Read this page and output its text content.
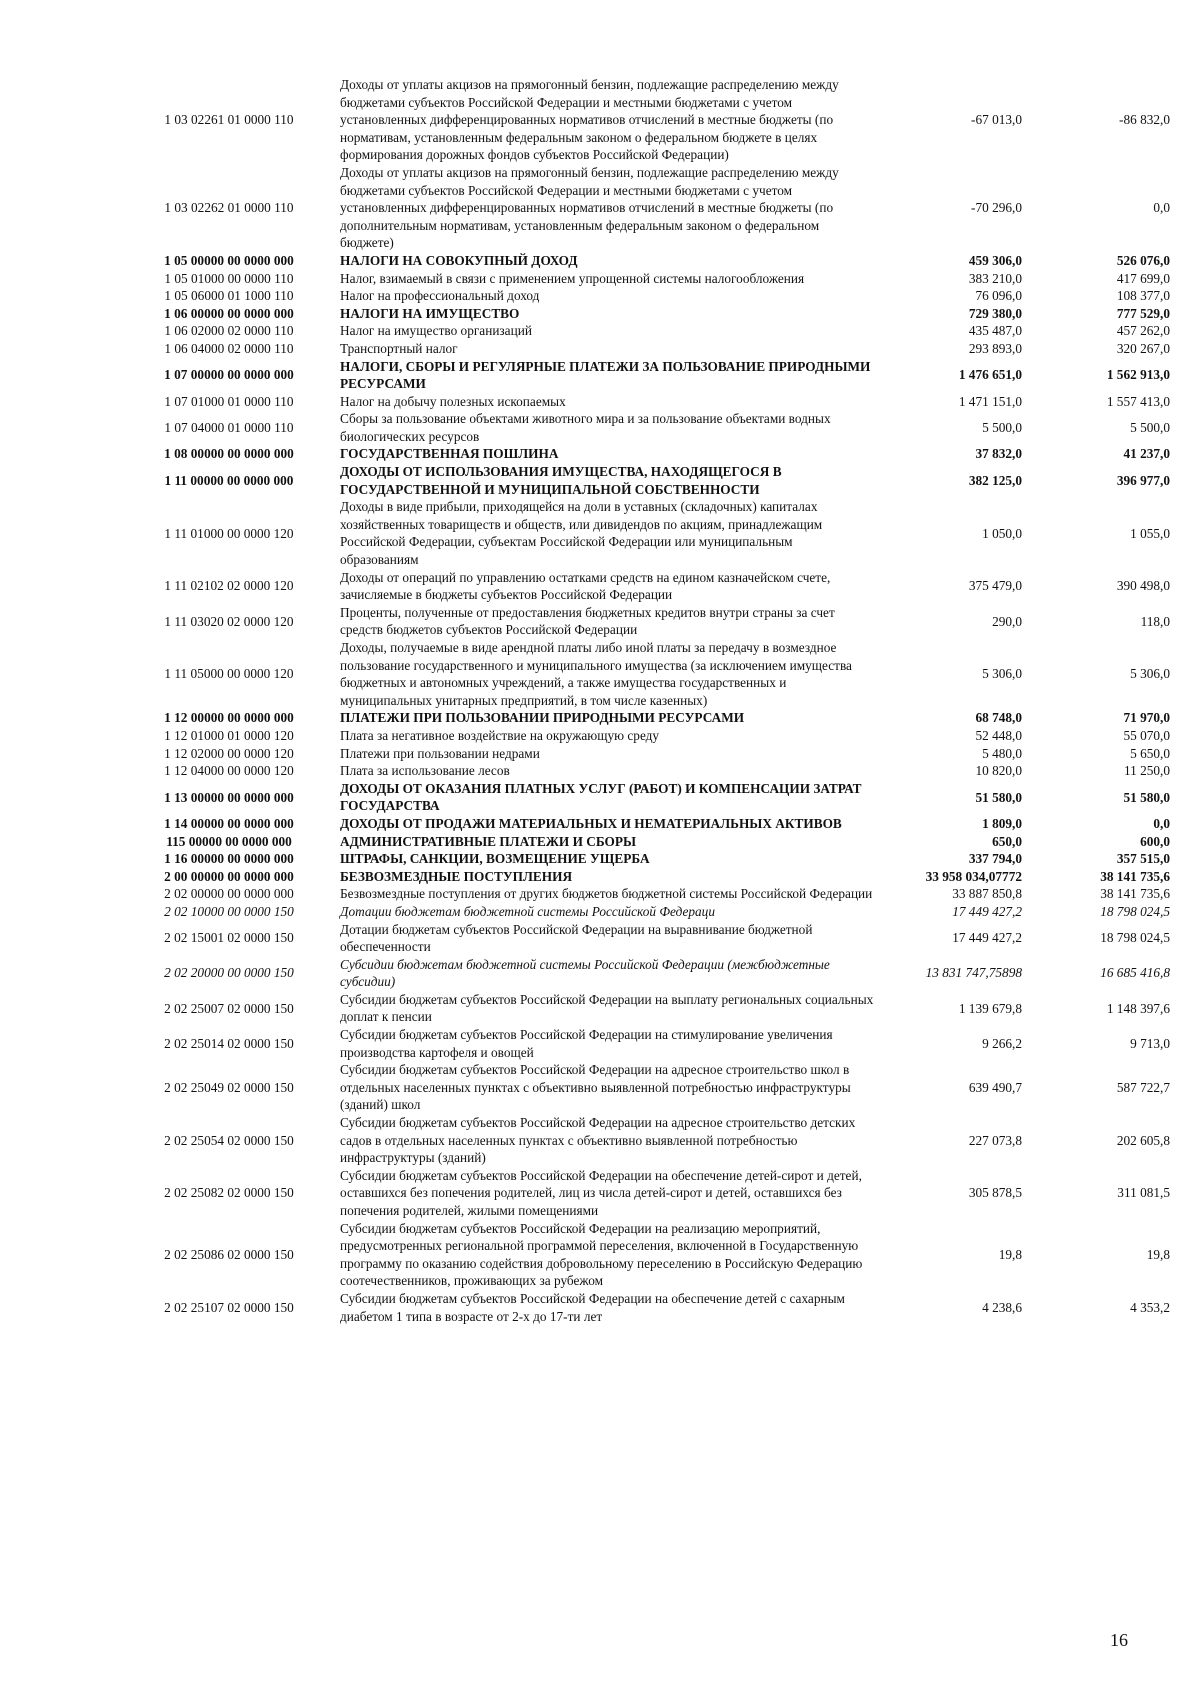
1 03 02261 01 0000 110	Доходы от уплаты акцизов на прямогонный бензин, подлежащие распределению между бюджетами субъектов Российской Федерации и местными бюджетами с учетом установленных дифференцированных нормативов отчислений в местные бюджеты (по нормативам, установленным федеральным законом о федеральном бюджете в целях формирования дорожных фондов субъектов Российской Федерации)	-67 013,0	-86 832,0
1 03 02262 01 0000 110	Доходы от уплаты акцизов на прямогонный бензин, подлежащие распределению между бюджетами субъектов Российской Федерации и местными бюджетами с учетом установленных дифференцированных нормативов отчислений в местные бюджеты (по дополнительным нормативам, установленным федеральным законом о федеральном бюджете)	-70 296,0	0,0
1 05 00000 00 0000 000	НАЛОГИ НА СОВОКУПНЫЙ ДОХОД	459 306,0	526 076,0
1 05 01000 00 0000 110	Налог, взимаемый в связи с применением упрощенной системы налогообложения	383 210,0	417 699,0
1 05 06000 01 1000 110	Налог на профессиональный доход	76 096,0	108 377,0
1 06 00000 00 0000 000	НАЛОГИ НА ИМУЩЕСТВО	729 380,0	777 529,0
1 06 02000 02 0000 110	Налог на имущество организаций	435 487,0	457 262,0
1 06 04000 02 0000 110	Транспортный налог	293 893,0	320 267,0
1 07 00000 00 0000 000	НАЛОГИ, СБОРЫ И РЕГУЛЯРНЫЕ ПЛАТЕЖИ ЗА ПОЛЬЗОВАНИЕ ПРИРОДНЫМИ РЕСУРСАМИ	1 476 651,0	1 562 913,0
1 07 01000 01 0000 110	Налог на добычу полезных ископаемых	1 471 151,0	1 557 413,0
1 07 04000 01 0000 110	Сборы за пользование объектами животного мира и за пользование объектами водных биологических ресурсов	5 500,0	5 500,0
1 08 00000 00 0000 000	ГОСУДАРСТВЕННАЯ ПОШЛИНА	37 832,0	41 237,0
1 11 00000 00 0000 000	ДОХОДЫ ОТ ИСПОЛЬЗОВАНИЯ ИМУЩЕСТВА, НАХОДЯЩЕГОСЯ В ГОСУДАРСТВЕННОЙ И МУНИЦИПАЛЬНОЙ СОБСТВЕННОСТИ	382 125,0	396 977,0
1 11 01000 00 0000 120	Доходы в виде прибыли, приходящейся на доли в уставных (складочных) капиталах хозяйственных товариществ и обществ, или дивидендов по акциям, принадлежащим Российской Федерации, субъектам Российской Федерации или муниципальным образованиям	1 050,0	1 055,0
1 11 02102 02 0000 120	Доходы от операций по управлению остатками средств на едином казначейском счете, зачисляемые в бюджеты субъектов Российской Федерации	375 479,0	390 498,0
1 11 03020 02 0000 120	Проценты, полученные от предоставления бюджетных кредитов внутри страны за счет средств бюджетов субъектов Российской Федерации	290,0	118,0
1 11 05000 00 0000 120	Доходы, получаемые в виде арендной платы либо иной платы за передачу в возмездное пользование государственного и муниципального имущества (за исключением имущества бюджетных и автономных учреждений, а также имущества государственных и муниципальных унитарных предприятий, в том числе казенных)	5 306,0	5 306,0
1 12 00000 00 0000 000	ПЛАТЕЖИ ПРИ ПОЛЬЗОВАНИИ ПРИРОДНЫМИ РЕСУРСАМИ	68 748,0	71 970,0
1 12 01000 01 0000 120	Плата за негативное воздействие на окружающую среду	52 448,0	55 070,0
1 12 02000 00 0000 120	Платежи при пользовании недрами	5 480,0	5 650,0
1 12 04000 00 0000 120	Плата за использование лесов	10 820,0	11 250,0
1 13 00000 00 0000 000	ДОХОДЫ ОТ ОКАЗАНИЯ ПЛАТНЫХ УСЛУГ (РАБОТ) И КОМПЕНСАЦИИ ЗАТРАТ ГОСУДАРСТВА	51 580,0	51 580,0
1 14 00000 00 0000 000	ДОХОДЫ ОТ ПРОДАЖИ МАТЕРИАЛЬНЫХ И НЕМАТЕРИАЛЬНЫХ АКТИВОВ	1 809,0	0,0
115 00000 00 0000 000	АДМИНИСТРАТИВНЫЕ ПЛАТЕЖИ И СБОРЫ	650,0	600,0
1 16 00000 00 0000 000	ШТРАФЫ, САНКЦИИ, ВОЗМЕЩЕНИЕ УЩЕРБА	337 794,0	357 515,0
2 00 00000 00 0000 000	БЕЗВОЗМЕЗДНЫЕ ПОСТУПЛЕНИЯ	33 958 034,07772	38 141 735,6
2 02 00000 00 0000 000	Безвозмездные поступления от других бюджетов бюджетной системы Российской Федерации	33 887 850,8	38 141 735,6
2 02 10000 00 0000 150	Дотации бюджетам бюджетной системы Российской Федераци	17 449 427,2	18 798 024,5
2 02 15001 02 0000 150	Дотации бюджетам субъектов Российской Федерации на выравнивание бюджетной обеспеченности	17 449 427,2	18 798 024,5
2 02 20000 00 0000 150	Субсидии бюджетам бюджетной системы Российской Федерации (межбюджетные субсидии)	13 831 747,75898	16 685 416,8
2 02 25007 02 0000 150	Субсидии бюджетам субъектов Российской Федерации на выплату региональных социальных доплат к пенсии	1 139 679,8	1 148 397,6
2 02 25014 02 0000 150	Субсидии бюджетам субъектов Российской Федерации на стимулирование увеличения производства картофеля и овощей	9 266,2	9 713,0
2 02 25049 02 0000 150	Субсидии бюджетам субъектов Российской Федерации на адресное строительство школ в отдельных населенных пунктах с объективно выявленной потребностью инфраструктуры (зданий) школ	639 490,7	587 722,7
2 02 25054 02 0000 150	Субсидии бюджетам субъектов Российской Федерации на адресное строительство детских садов в отдельных населенных пунктах с объективно выявленной потребностью инфраструктуры (зданий)	227 073,8	202 605,8
2 02 25082 02 0000 150	Субсидии бюджетам субъектов Российской Федерации на обеспечение детей-сирот и детей, оставшихся без попечения родителей, лиц из числа детей-сирот и детей, оставшихся без попечения родителей, жилыми помещениями	305 878,5	311 081,5
2 02 25086 02 0000 150	Субсидии бюджетам субъектов Российской Федерации на реализацию мероприятий, предусмотренных региональной программой переселения, включенной в Государственную программу по оказанию содействия добровольному переселению в Российскую Федерацию соотечественников, проживающих за рубежом	19,8	19,8
2 02 25107 02 0000 150	Субсидии бюджетам субъектов Российской Федерации на обеспечение детей с сахарным диабетом 1 типа в возрасте от 2-х до 17-ти лет	4 238,6	4 353,2
16
